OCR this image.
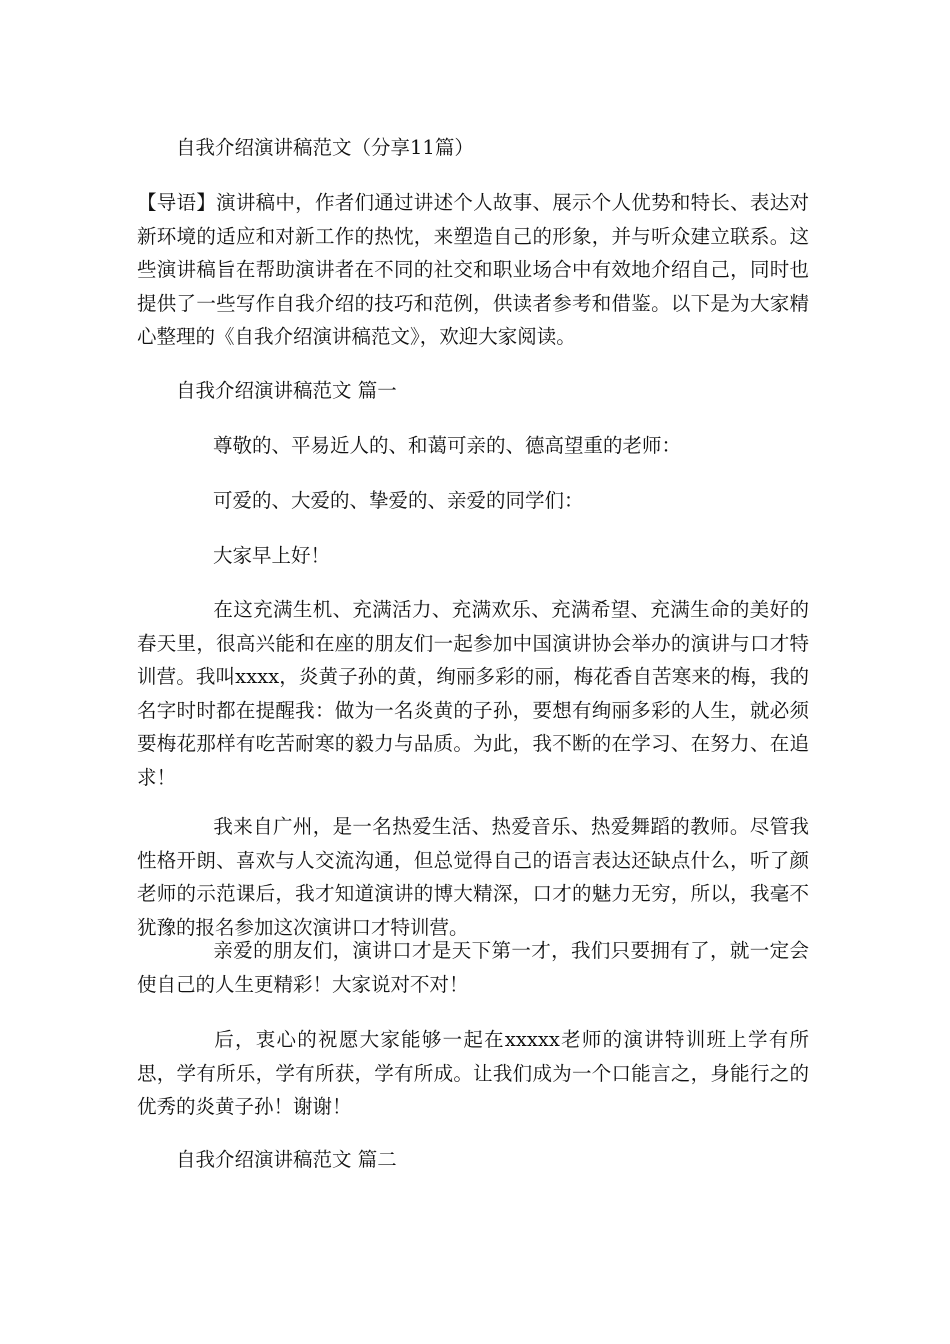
自我介绍演讲稿范文（分享11篇）
【导语】演讲稿中，作者们通过讲述个人故事、展示个人优势和特长、表达对新环境的适应和对新工作的热忱，来塑造自己的形象，并与听众建立联系。这些演讲稿旨在帮助演讲者在不同的社交和职业场合中有效地介绍自己，同时也提供了一些写作自我介绍的技巧和范例，供读者参考和借鉴。以下是为大家精心整理的《自我介绍演讲稿范文》，欢迎大家阅读。
自我介绍演讲稿范文 篇一
尊敬的、平易近人的、和蔼可亲的、德高望重的老师：
可爱的、大爱的、挚爱的、亲爱的同学们：
大家早上好！
在这充满生机、充满活力、充满欢乐、充满希望、充满生命的美好的春天里，很高兴能和在座的朋友们一起参加中国演讲协会举办的演讲与口才特训营。我叫xxxx，炎黄子孙的黄，绚丽多彩的丽，梅花香自苦寒来的梅，我的名字时时都在提醒我：做为一名炎黄的子孙，要想有绚丽多彩的人生，就必须要梅花那样有吃苦耐寒的毅力与品质。为此，我不断的在学习、在努力、在追求！
我来自广州，是一名热爱生活、热爱音乐、热爱舞蹈的教师。尽管我性格开朗、喜欢与人交流沟通，但总觉得自己的语言表达还缺点什么，听了颜老师的示范课后，我才知道演讲的博大精深，口才的魅力无穷，所以，我毫不犹豫的报名参加这次演讲口才特训营。
亲爱的朋友们，演讲口才是天下第一才，我们只要拥有了，就一定会使自己的人生更精彩！大家说对不对！
后，衷心的祝愿大家能够一起在xxxxx老师的演讲特训班上学有所思，学有所乐，学有所获，学有所成。让我们成为一个口能言之，身能行之的优秀的炎黄子孙！谢谢！
自我介绍演讲稿范文 篇二
